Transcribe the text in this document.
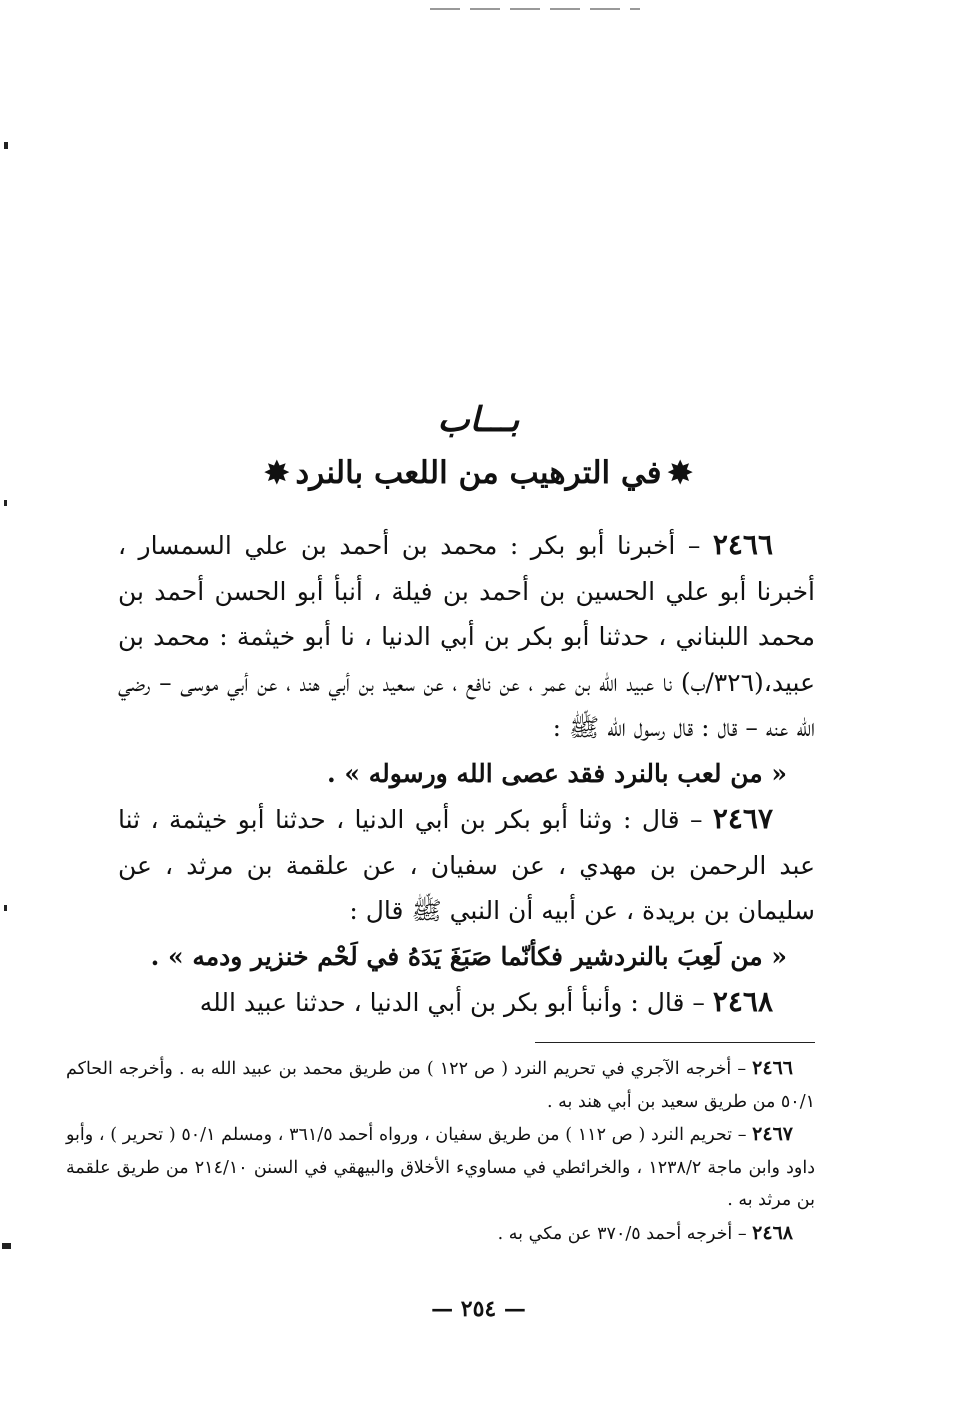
بـــاب
✸في الترهيب من اللعب بالنرد✸

٢٤٦٦ – أخبرنا أبو بكر : محمد بن أحمد بن علي السمسار ، أخبرنا أبو علي الحسين بن أحمد بن فيلة ، أنبأ أبو الحسن أحمد بن محمد اللبناني ، حدثنا أبو بكر بن أبي الدنيا ، نا أبو خيثمة : محمد بن عبيد،(٣٢٦/ب) نا عبيد الله بن عمر ، عن نافع ، عن سعيد بن أبي هند ، عن أبي موسى – رضي الله عنه – قال : قال رسول الله ﷺ :

« من لعب بالنرد فقد عصى الله ورسوله » .

٢٤٦٧ – قال : وثنا أبو بكر بن أبي الدنيا ، حدثنا أبو خيثمة ، ثنا عبد الرحمن بن مهدي ، عن سفيان ، عن علقمة بن مرثد ، عن سليمان بن بريدة ، عن أبيه أن النبي ﷺ قال :

« من لَعِبَ بالنردشير فكأنّما صَبَغَ يَدَهُ في لَحْم خنزير ودمه » .

٢٤٦٨ – قال : وأنبأ أبو بكر بن أبي الدنيا ، حدثنا عبيد الله

٢٤٦٦ – أخرجه الآجري في تحريم النرد ( ص ١٢٢ ) من طريق محمد بن عبيد الله به . وأخرجه الحاكم ٥٠/١ من طريق سعيد بن أبي هند به .

٢٤٦٧ – تحريم النرد ( ص ١١٢ ) من طريق سفيان ، ورواه أحمد ٣٦١/٥ ، ومسلم ٥٠/١ ( تحرير ) ، وأبو داود وابن ماجة ١٢٣٨/٢ ، والخرائطي في مساويء الأخلاق والبيهقي في السنن ٢١٤/١٠ من طريق علقمة بن مرثد به .

٢٤٦٨ – أخرجه أحمد ٣٧٠/٥ عن مكي به .

— ٢٥٤ —
